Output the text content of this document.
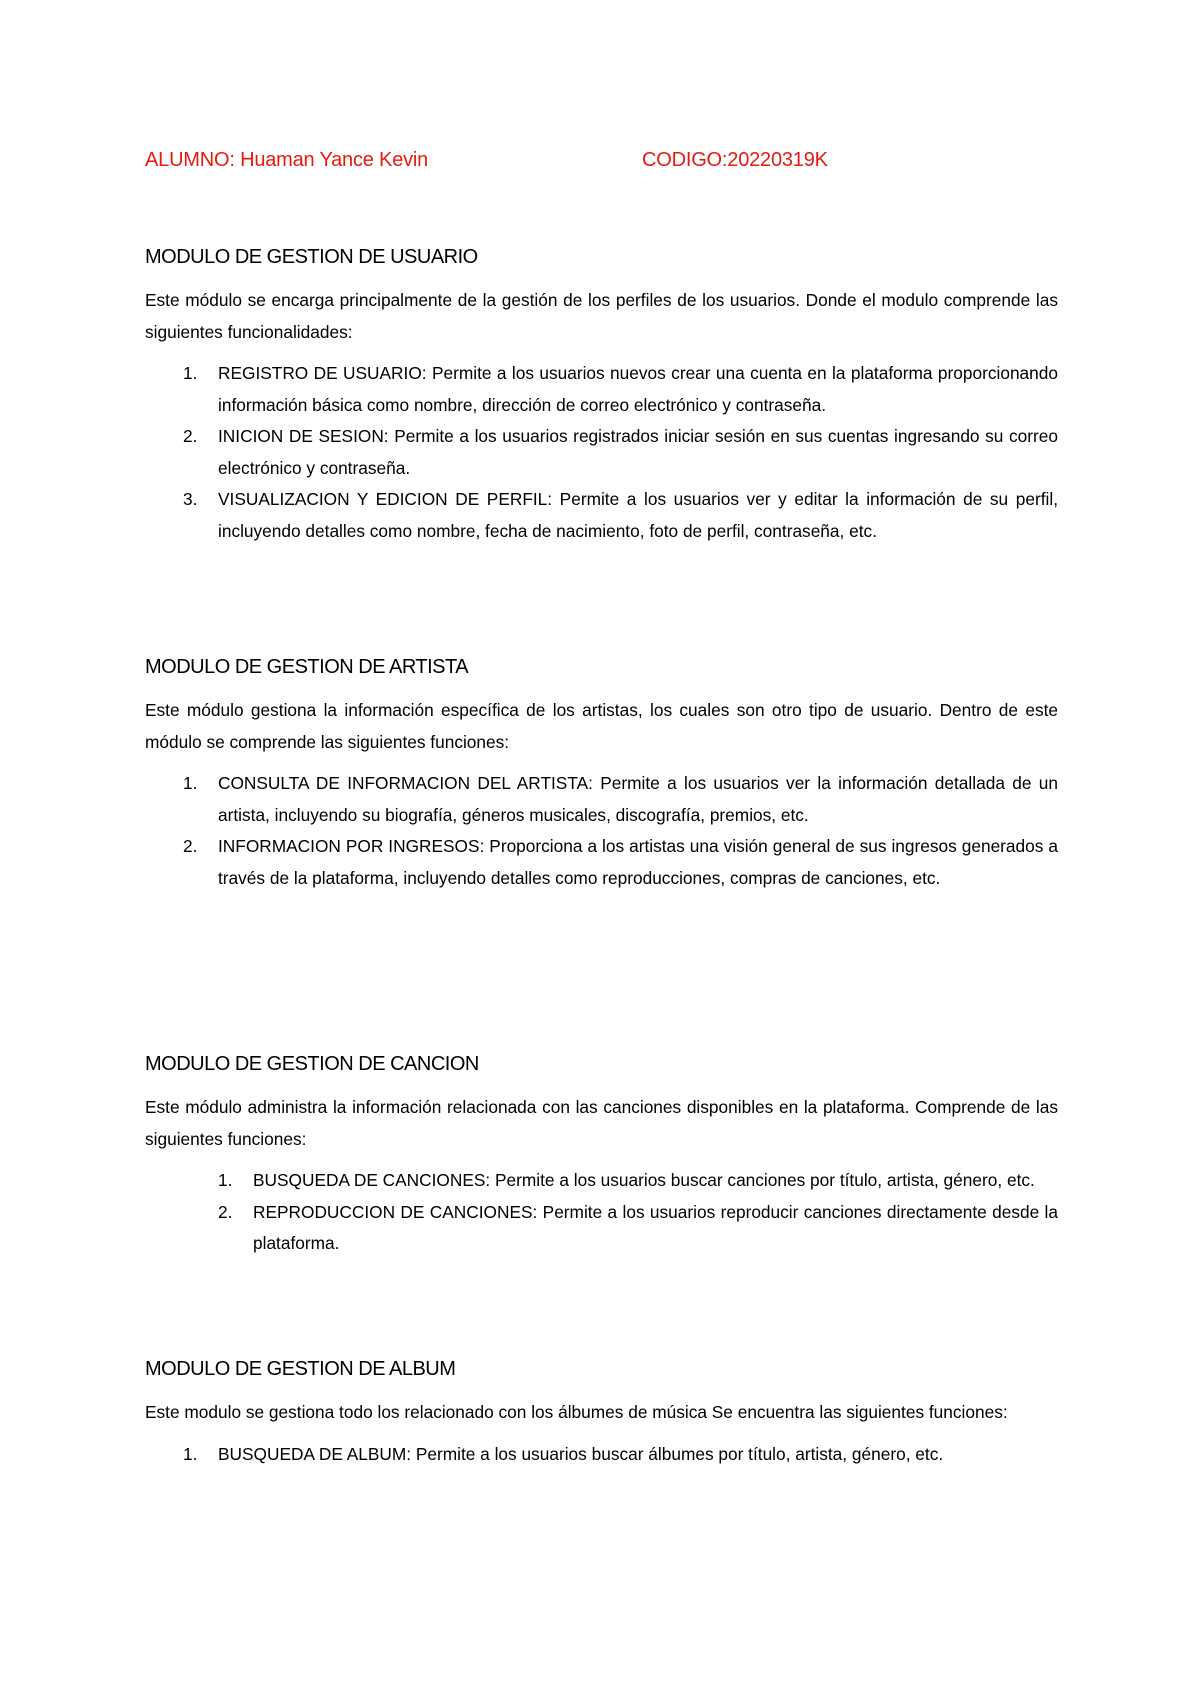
ALUMNO: Huaman Yance Kevin	CODIGO:20220319K
MODULO DE GESTION DE USUARIO

Este módulo se encarga principalmente de la gestión de los perfiles de los usuarios. Donde el modulo comprende las siguientes funcionalidades:

1. REGISTRO DE USUARIO: Permite a los usuarios nuevos crear una cuenta en la plataforma proporcionando información básica como nombre, dirección de correo electrónico y contraseña.
2. INICION DE SESION: Permite a los usuarios registrados iniciar sesión en sus cuentas ingresando su correo electrónico y contraseña.
3. VISUALIZACION Y EDICION DE PERFIL: Permite a los usuarios ver y editar la información de su perfil, incluyendo detalles como nombre, fecha de nacimiento, foto de perfil, contraseña, etc.
MODULO DE GESTION DE ARTISTA

Este módulo gestiona la información específica de los artistas, los cuales son otro tipo de usuario. Dentro de este módulo se comprende las siguientes funciones:

1. CONSULTA DE INFORMACION DEL ARTISTA: Permite a los usuarios ver la información detallada de un artista, incluyendo su biografía, géneros musicales, discografía, premios, etc.
2. INFORMACION POR INGRESOS: Proporciona a los artistas una visión general de sus ingresos generados a través de la plataforma, incluyendo detalles como reproducciones, compras de canciones, etc.
MODULO DE GESTION DE CANCION

Este módulo administra la información relacionada con las canciones disponibles en la plataforma. Comprende de las siguientes funciones:

1. BUSQUEDA DE CANCIONES: Permite a los usuarios buscar canciones por título, artista, género, etc.
2. REPRODUCCION DE CANCIONES: Permite a los usuarios reproducir canciones directamente desde la plataforma.
MODULO DE GESTION DE ALBUM

Este modulo se gestiona todo los relacionado con los álbumes de música Se encuentra las siguientes funciones:

1. BUSQUEDA DE ALBUM: Permite a los usuarios buscar álbumes por título, artista, género, etc.
